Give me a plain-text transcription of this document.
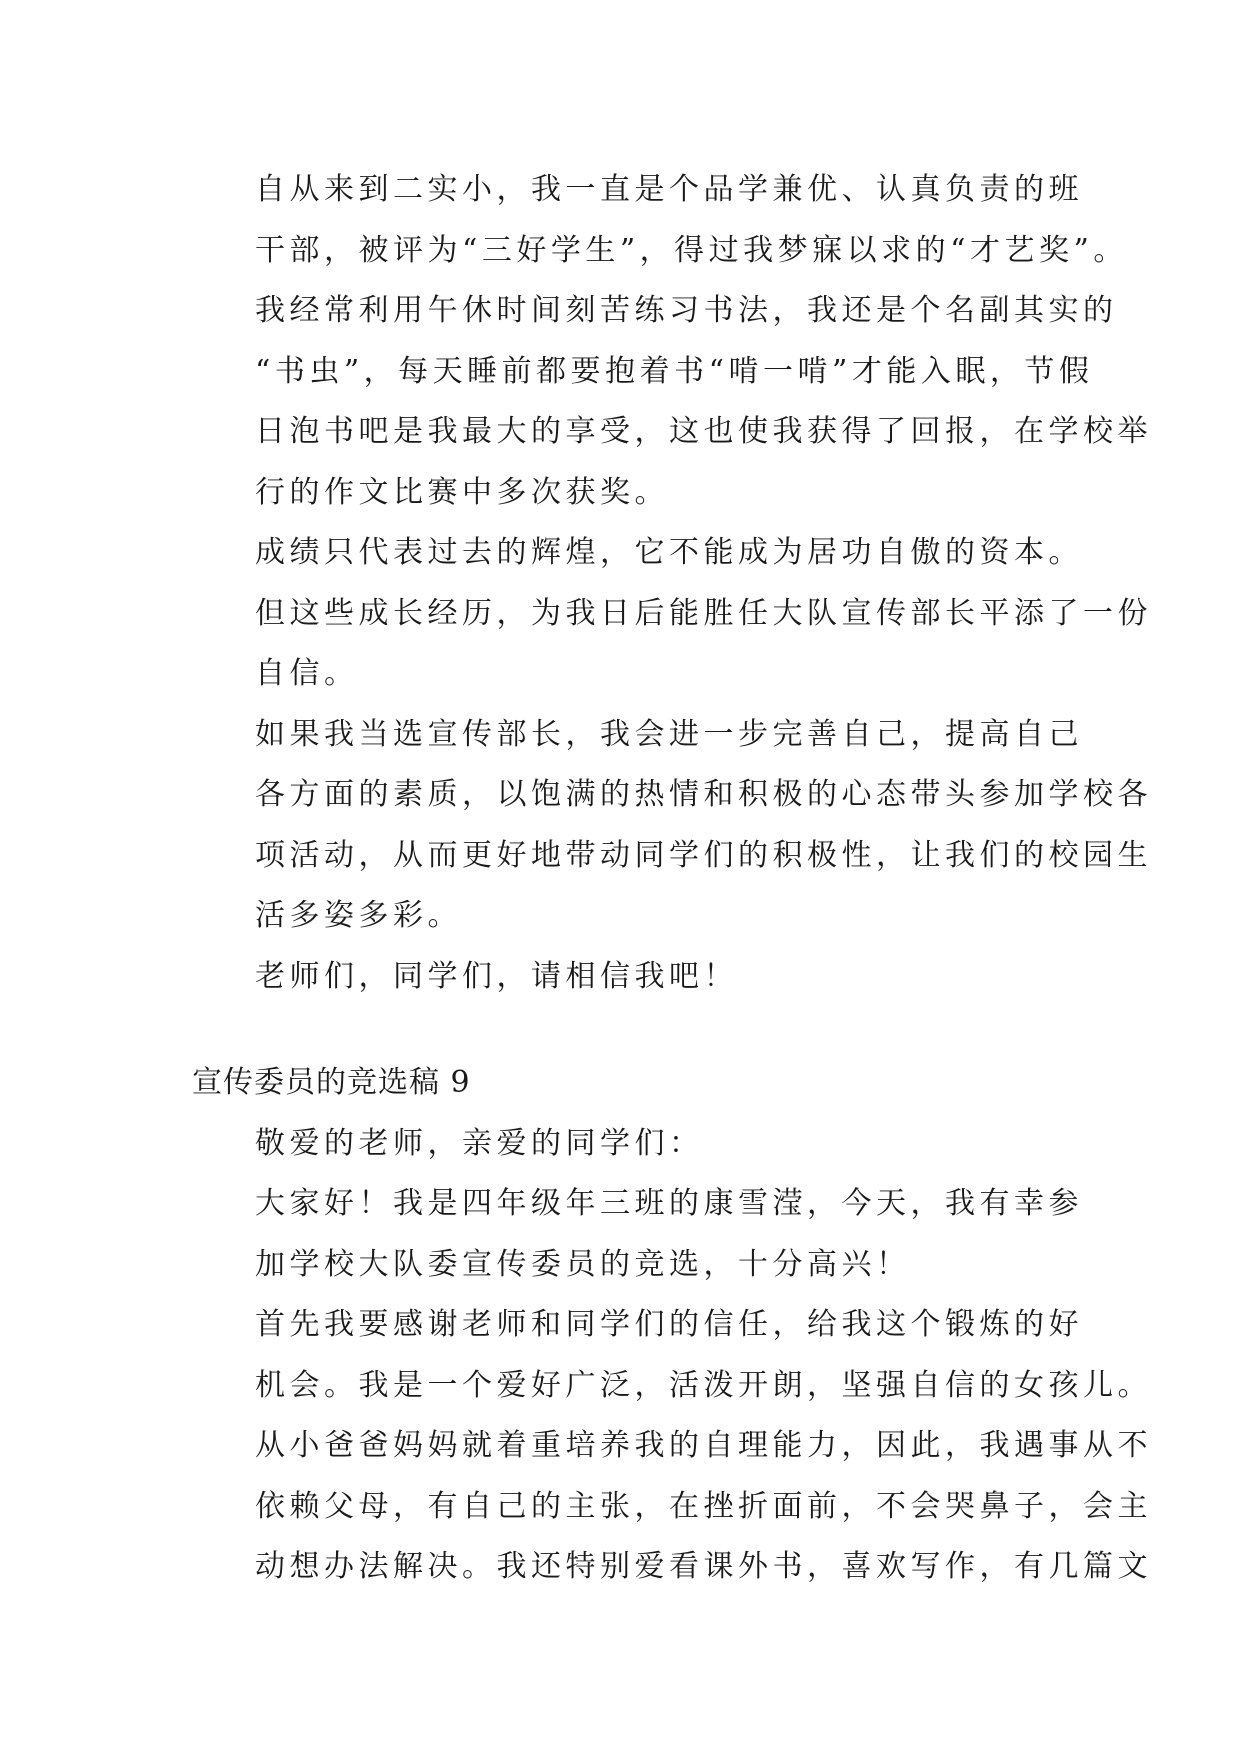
自从来到二实小，我一直是个品学兼优、认真负责的班
干部，被评为“三好学生”，得过我梦寐以求的“才艺奖”。
我经常利用午休时间刻苦练习书法，我还是个名副其实的
“书虫”，每天睡前都要抱着书“啃一啃”才能入眠，节假
日泡书吧是我最大的享受，这也使我获得了回报，在学校举
行的作文比赛中多次获奖。

成绩只代表过去的辉煌，它不能成为居功自傲的资本。
但这些成长经历，为我日后能胜任大队宣传部长平添了一份
自信。

如果我当选宣传部长，我会进一步完善自己，提高自己
各方面的素质，以饱满的热情和积极的心态带头参加学校各
项活动，从而更好地带动同学们的积极性，让我们的校园生
活多姿多彩。

老师们，同学们，请相信我吧！

宣传委员的竞选稿 9

敬爱的老师，亲爱的同学们：

大家好！我是四年级年三班的康雪滢，今天，我有幸参
加学校大队委宣传委员的竞选，十分高兴！

首先我要感谢老师和同学们的信任，给我这个锻炼的好
机会。我是一个爱好广泛，活泼开朗，坚强自信的女孩儿。
从小爸爸妈妈就着重培养我的自理能力，因此，我遇事从不
依赖父母，有自己的主张，在挫折面前，不会哭鼻子，会主
动想办法解决。我还特别爱看课外书，喜欢写作，有几篇文
